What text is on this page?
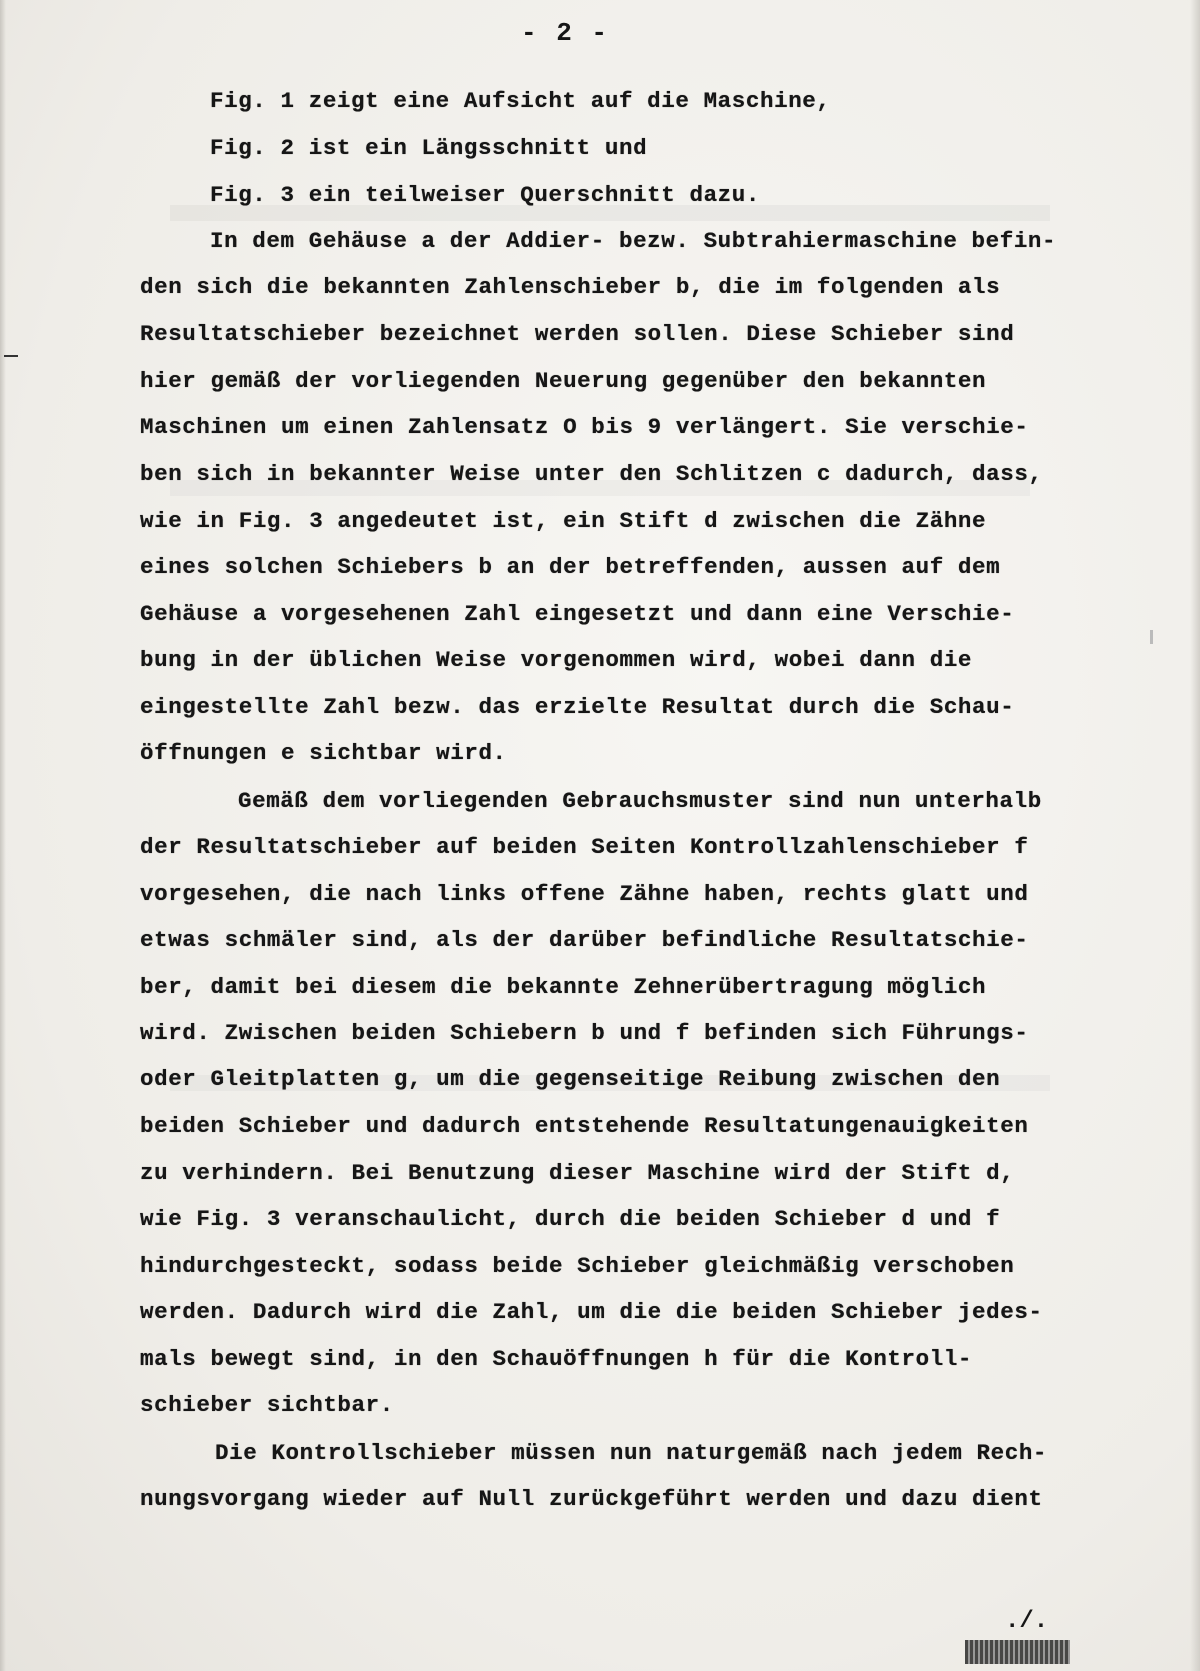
- 2 -
Fig. 1 zeigt eine Aufsicht auf die Maschine,
Fig. 2 ist ein Längsschnitt und
Fig. 3 ein teilweiser Querschnitt dazu.
In dem Gehäuse a der Addier- bezw. Subtrahiermaschine befin-
den sich die bekannten Zahlenschieber b, die im folgenden als
Resultatschieber bezeichnet werden sollen. Diese Schieber sind
hier gemäß der vorliegenden Neuerung gegenüber den bekannten
Maschinen um einen Zahlensatz O bis 9 verlängert. Sie verschie-
ben sich in bekannter Weise unter den Schlitzen c dadurch, dass,
wie in Fig. 3 angedeutet ist, ein Stift d zwischen die Zähne
eines solchen Schiebers b an der betreffenden, aussen auf dem
Gehäuse a vorgesehenen Zahl eingesetzt und dann eine Verschie-
bung in der üblichen Weise vorgenommen wird, wobei dann die
eingestellte Zahl bezw. das erzielte Resultat durch die Schau-
öffnungen e sichtbar wird.
Gemäß dem vorliegenden Gebrauchsmuster sind nun unterhalb
der Resultatschieber auf beiden Seiten Kontrollzahlenschieber f
vorgesehen, die nach links offene Zähne haben, rechts glatt und
etwas schmäler sind, als der darüber befindliche Resultatschie-
ber, damit bei diesem die bekannte Zehnerübertragung möglich
wird. Zwischen beiden Schiebern b und f befinden sich Führungs-
oder Gleitplatten g, um die gegenseitige Reibung zwischen den
beiden Schieber und dadurch entstehende Resultatungenauigkeiten
zu verhindern. Bei Benutzung dieser Maschine wird der Stift d,
wie Fig. 3 veranschaulicht, durch die beiden Schieber d und f
hindurchgesteckt, sodass beide Schieber gleichmäßig verschoben
werden. Dadurch wird die Zahl, um die die beiden Schieber jedes-
mals bewegt sind, in den Schauöffnungen h für die Kontroll-
schieber sichtbar.
Die Kontrollschieber müssen nun naturgemäß nach jedem Rech-
nungsvorgang wieder auf Null zurückgeführt werden und dazu dient
./.
